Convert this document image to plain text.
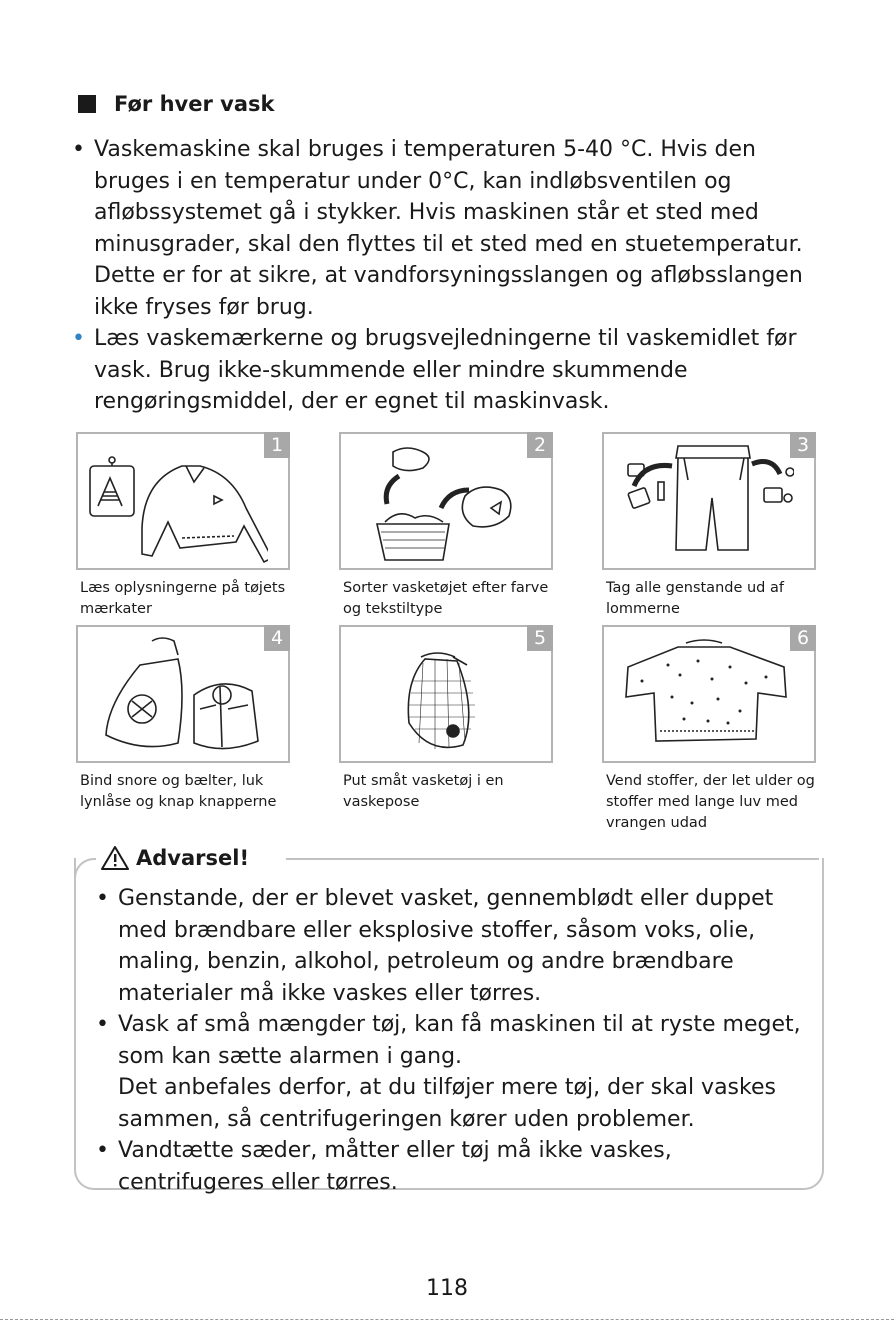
Før hver vask
• Vaskemaskine skal bruges i temperaturen 5-40 °C. Hvis den bruges i en temperatur under 0°C, kan indløbsventilen og afløbssystemet gå i stykker. Hvis maskinen står et sted med minusgrader, skal den flyttes til et sted med en stuetemperatur. Dette er for at sikre, at vandforsyningsslangen og afløbsslangen ikke fryses før brug.
• Læs vaskemærkerne og brugsvejledningerne til vaskemidlet før vask. Brug ikke-skummende eller mindre skummende rengøringsmiddel, der er egnet til maskinvask.
1
Læs oplysningerne på tøjets mærkater
2
Sorter vasketøjet efter farve og tekstiltype
3
Tag alle genstande ud af lommerne
4
Bind snore og bælter, luk lynlåse og knap knapperne
5
Put småt vasketøj i en vaskepose
6
Vend stoffer, der let ulder og stoffer med lange luv med vrangen udad
Advarsel!
• Genstande, der er blevet vasket, gennemblødt eller duppet med brændbare eller eksplosive stoffer, såsom voks, olie, maling, benzin, alkohol, petroleum og andre brændbare materialer må ikke vaskes eller tørres.
• Vask af små mængder tøj, kan få maskinen til at ryste meget, som kan sætte alarmen i gang.
Det anbefales derfor, at du tilføjer mere tøj, der skal vaskes sammen, så centrifugeringen kører uden problemer.
• Vandtætte sæder, måtter eller tøj må ikke vaskes, centrifugeres eller tørres.
118
